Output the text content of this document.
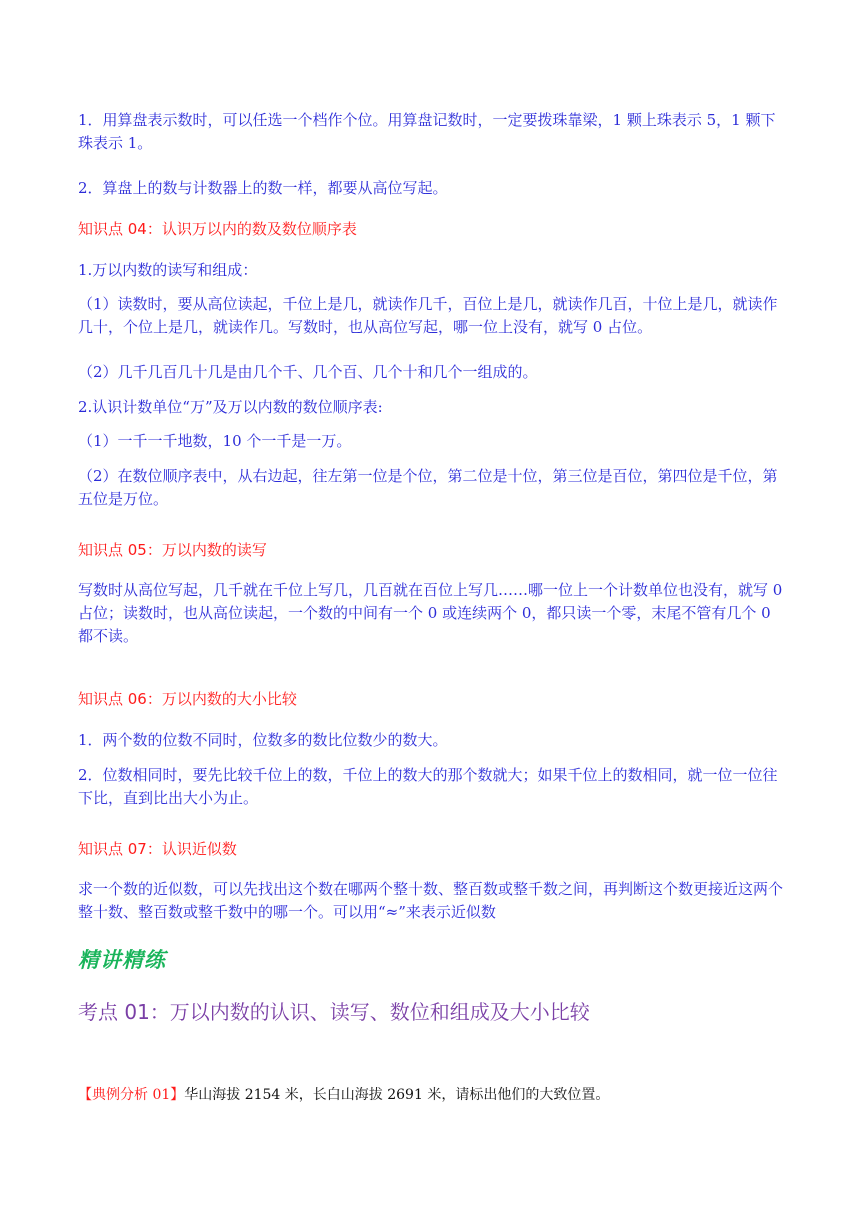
1．用算盘表示数时，可以任选一个档作个位。用算盘记数时，一定要拨珠靠梁，1 颗上珠表示 5，1 颗下珠表示 1。

2．算盘上的数与计数器上的数一样，都要从高位写起。

知识点 04：认识万以内的数及数位顺序表

1.万以内数的读写和组成：

（1）读数时，要从高位读起，千位上是几，就读作几千，百位上是几，就读作几百，十位上是几，就读作几十，个位上是几，就读作几。写数时，也从高位写起，哪一位上没有，就写 0 占位。

（2）几千几百几十几是由几个千、几个百、几个十和几个一组成的。

2.认识计数单位“万”及万以内数的数位顺序表:

（1）一千一千地数，10 个一千是一万。

（2）在数位顺序表中，从右边起，往左第一位是个位，第二位是十位，第三位是百位，第四位是千位，第五位是万位。

知识点 05：万以内数的读写

写数时从高位写起，几千就在千位上写几，几百就在百位上写几……哪一位上一个计数单位也没有，就写 0 占位；读数时，也从高位读起，一个数的中间有一个 0 或连续两个 0，都只读一个零，末尾不管有几个 0 都不读。

知识点 06：万以内数的大小比较

1．两个数的位数不同时，位数多的数比位数少的数大。

2．位数相同时，要先比较千位上的数，千位上的数大的那个数就大；如果千位上的数相同，就一位一位往下比，直到比出大小为止。

知识点 07：认识近似数

求一个数的近似数，可以先找出这个数在哪两个整十数、整百数或整千数之间，再判断这个数更接近这两个整十数、整百数或整千数中的哪一个。可以用“≈”来表示近似数

精讲精练

考点 01：万以内数的认识、读写、数位和组成及大小比较

【典例分析 01】华山海拔 2154 米，长白山海拔 2691 米，请标出他们的大致位置。
